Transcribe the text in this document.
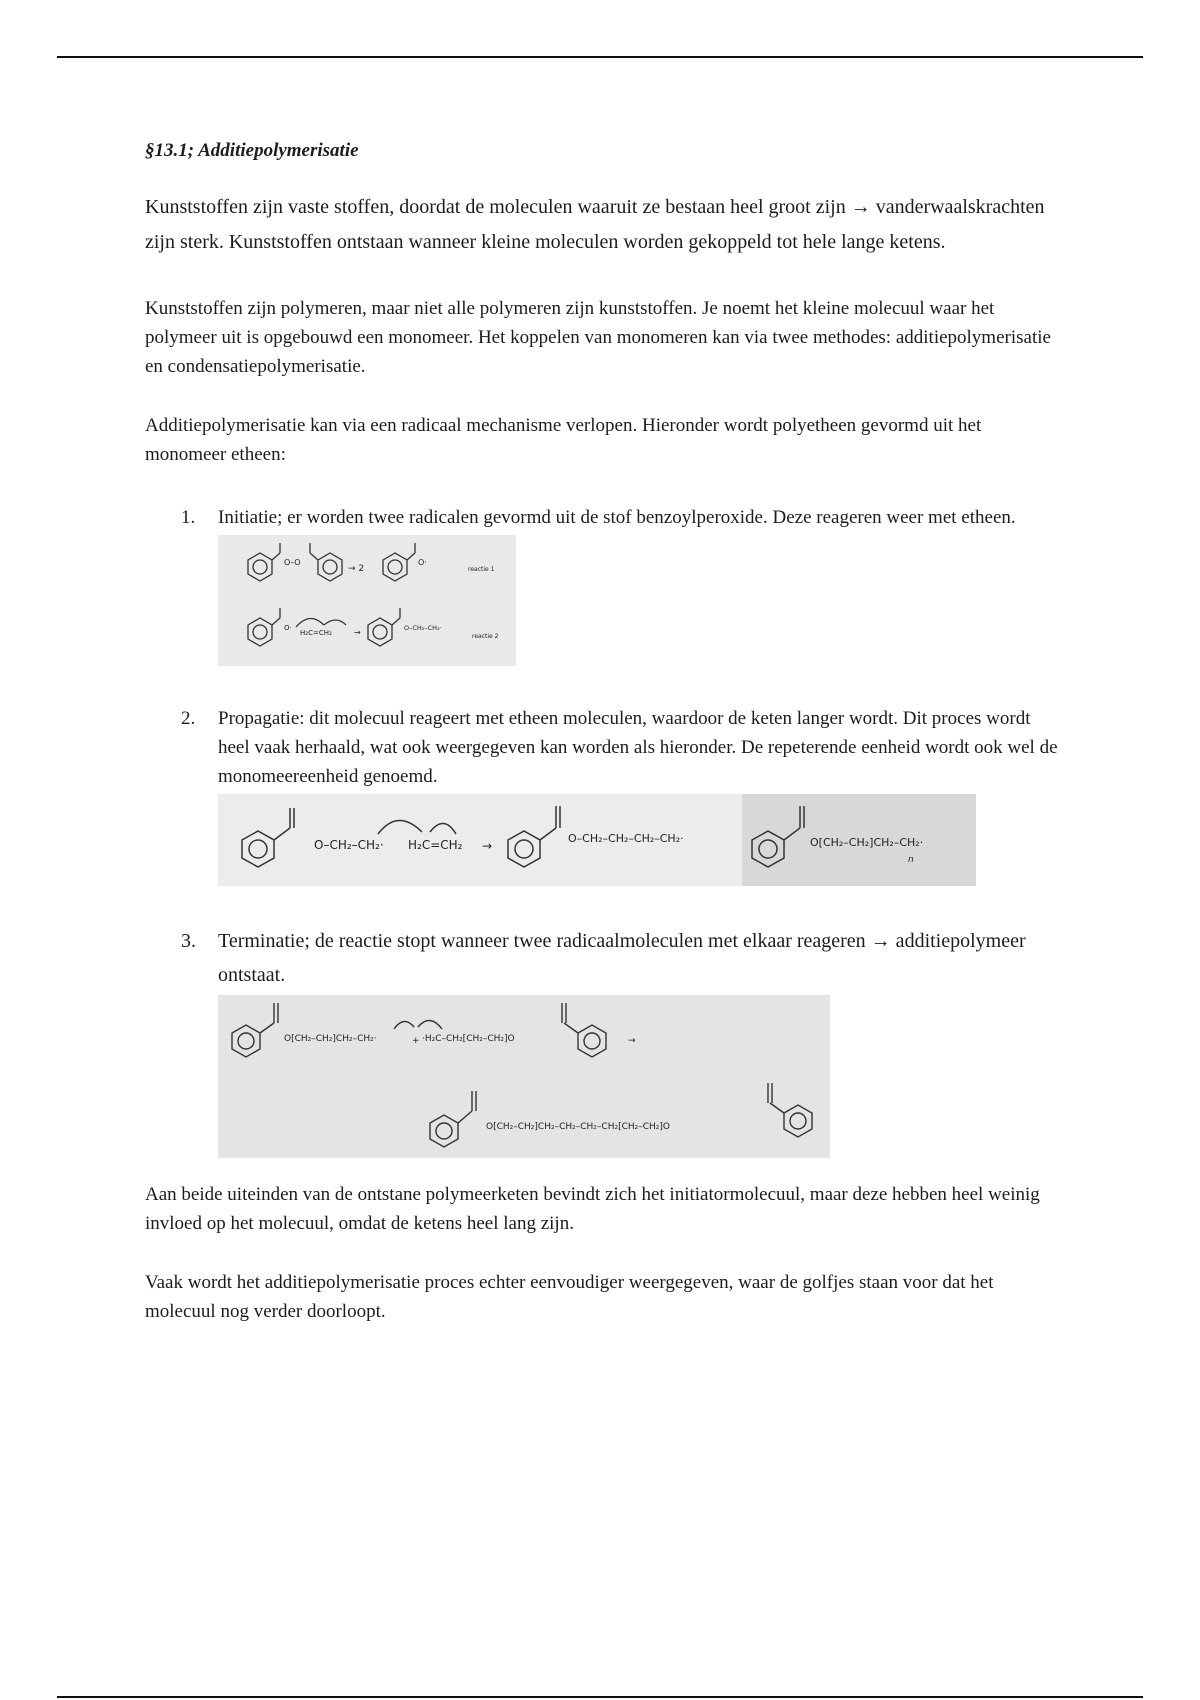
§13.1; Additiepolymerisatie

Kunststoffen zijn vaste stoffen, doordat de moleculen waaruit ze bestaan heel groot zijn → vanderwaalskrachten zijn sterk. Kunststoffen ontstaan wanneer kleine moleculen worden gekoppeld tot hele lange ketens.

Kunststoffen zijn polymeren, maar niet alle polymeren zijn kunststoffen. Je noemt het kleine molecuul waar het polymeer uit is opgebouwd een monomeer. Het koppelen van monomeren kan via twee methodes: additiepolymerisatie en condensatiepolymerisatie.

Additiepolymerisatie kan via een radicaal mechanisme verlopen. Hieronder wordt polyetheen gevormd uit het monomeer etheen:

1. Initiatie; er worden twee radicalen gevormd uit de stof benzoylperoxide. Deze reageren weer met etheen.
O–O
→ 2
O·
reactie 1
O·
H₂C=CH₂	→	O–CH₂–CH₂·
reactie 2
2. Propagatie: dit molecuul reageert met etheen moleculen, waardoor de keten langer wordt. Dit proces wordt heel vaak herhaald, wat ook weergegeven kan worden als hieronder. De repeterende eenheid wordt ook wel de monomeereenheid genoemd.
O–CH₂–CH₂· H₂C=CH₂ →
O–CH₂–CH₂–CH₂–CH₂·	O[CH₂–CH₂]CH₂–CH₂·
n
3. Terminatie; de reactie stopt wanneer twee radicaalmoleculen met elkaar reageren → additiepolymeer ontstaat.
O[CH₂–CH₂]CH₂–CH₂·	+ ·H₂C–CH₂[CH₂–CH₂]O	→
O[CH₂–CH₂]CH₂–CH₂–CH₂–CH₂[CH₂–CH₂]O

Aan beide uiteinden van de ontstane polymeerketen bevindt zich het initiatormolecuul, maar deze hebben heel weinig invloed op het molecuul, omdat de ketens heel lang zijn.

Vaak wordt het additiepolymerisatie proces echter eenvoudiger weergegeven, waar de golfjes staan voor dat het molecuul nog verder doorloopt.
